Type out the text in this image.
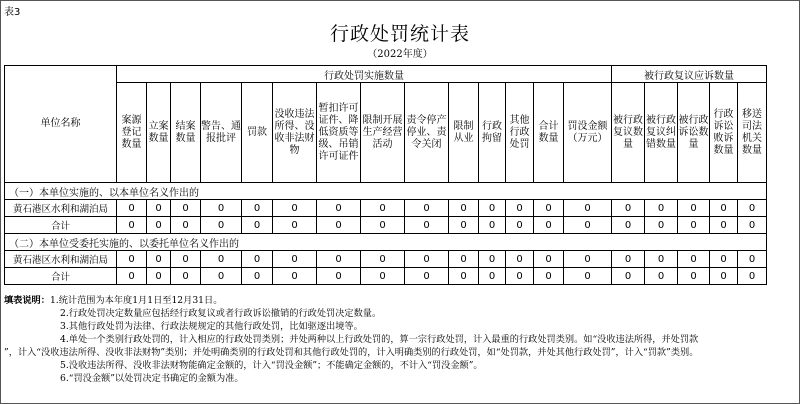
表3
行政处罚统计表
（2022年度）
单位名称	行政处罚实施数量														被行政复议应诉数量				
	案源登记数量	立案数量	结案数量	警告、通报批评	罚款	没收违法所得、没收非法财物	暂扣许可证件、降低资质等级、吊销许可证件	限制开展生产经营活动	责令停产停业、责令关闭	限制从业	行政拘留	其他行政处罚	合计数量	罚没金额（万元）	被行政复议数量	被行政复议纠错数量	被行政诉讼数量	行政诉讼败诉数量	移送司法机关数量
（一）本单位实施的、以本单位名义作出的																			
黄石港区水利和湖泊局	0	0	0	0	0	0	0	0	0	0	0	0	0	0	0	0	0	0	0
合计	0	0	0	0	0	0	0	0	0	0	0	0	0	0	0	0	0	0	0
（二）本单位受委托实施的、以委托单位名义作出的																			
黄石港区水利和湖泊局	0	0	0	0	0	0	0	0	0	0	0	0	0	0	0	0	0	0	0
合计	0	0	0	0	0	0	0	0	0	0	0	0	0	0	0	0	0	0	0
填表说明：1.统计范围为本年度1月1日至12月31日。
2.行政处罚决定数量应包括经行政复议或者行政诉讼撤销的行政处罚决定数量。
3.其他行政处罚为法律、行政法规规定的其他行政处罚，比如驱逐出境等。
4.单处一个类别行政处罚的，计入相应的行政处罚类别；并处两种以上行政处罚的，算一宗行政处罚，计入最重的行政处罚类别。如“没收违法所得，并处罚款
”，计入“没收违法所得、没收非法财物”类别；并处明确类别的行政处罚和其他行政处罚的，计入明确类别的行政处罚，如“处罚款，并处其他行政处罚”，计入“罚款”类别。
5.没收违法所得、没收非法财物能确定金额的，计入“罚没金额”；不能确定金额的，不计入“罚没金额”。
6.“罚没金额”以处罚决定书确定的金额为准。
